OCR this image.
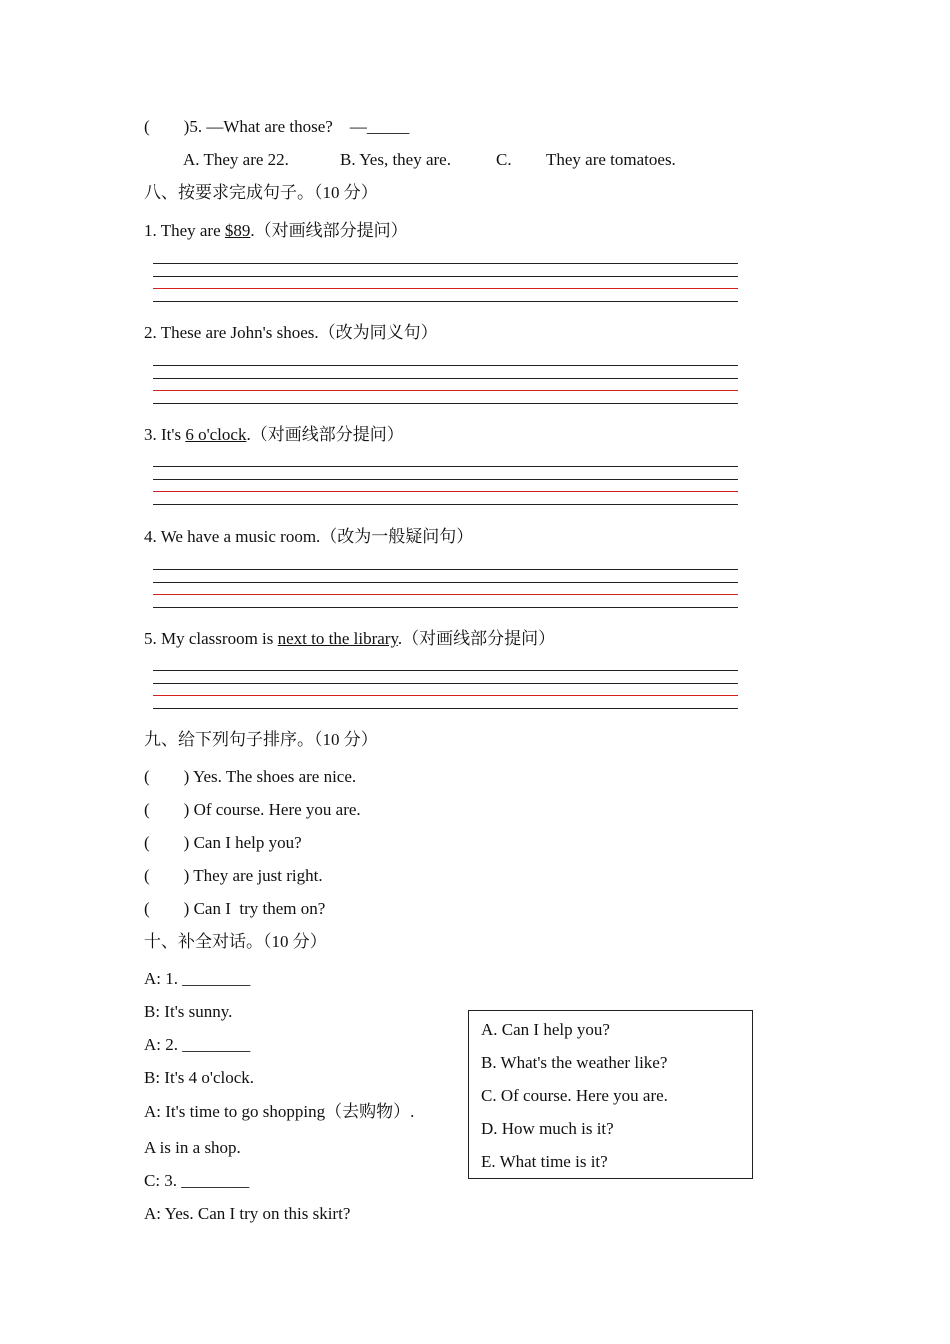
(        )5. —What are those?    —_____
A. They are 22.	B. Yes, they are.	C. They are tomatoes.
八、按要求完成句子。（10 分）
1. They are $89.（对画线部分提问）
2. These are John's shoes.（改为同义句）
3. It's 6 o'clock.（对画线部分提问）
4. We have a music room.（改为一般疑问句）
5. My classroom is next to the library.（对画线部分提问）
九、给下列句子排序。（10 分）
(        ) Yes. The shoes are nice.
(        ) Of course. Here you are.
(        ) Can I help you?
(        ) They are just right.
(        ) Can I  try them on?
十、补全对话。（10 分）
A: 1. ________
B: It's sunny.
A: 2. ________
B: It's 4 o'clock.
A: It's time to go shopping（去购物）.
A is in a shop.
C: 3. ________
A: Yes. Can I try on this skirt?
A. Can I help you?
B. What's the weather like?
C. Of course. Here you are.
D. How much is it?
E. What time is it?
